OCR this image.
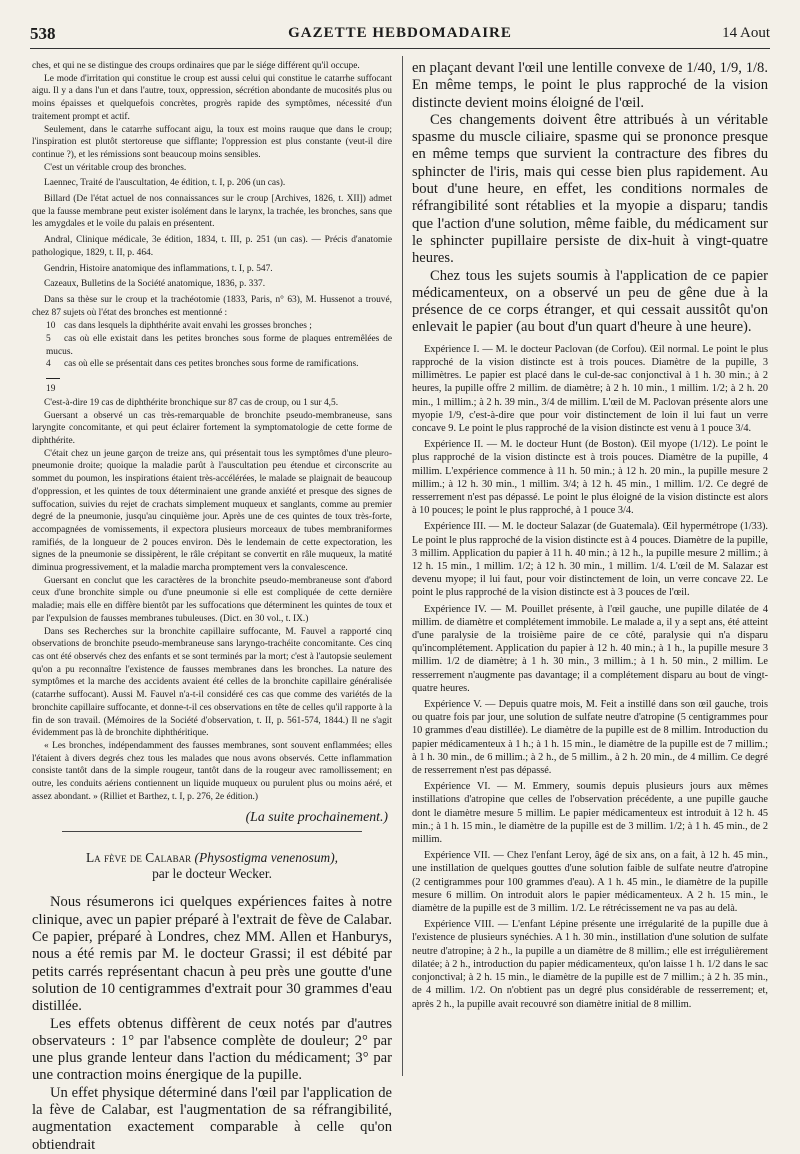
538	GAZETTE HEBDOMADAIRE	14 Aout

ches, et qui ne se distingue des croups ordinaires que par le siége différent qu'il occupe.

Le mode d'irritation qui constitue le croup est aussi celui qui constitue le catarrhe suffocant aigu. Il y a dans l'un et dans l'autre, toux, oppression, sécrétion abondante de mucosités plus ou moins épaisses et quelquefois concrètes, progrès rapide des symptômes, nécessité d'un traitement prompt et actif.

Seulement, dans le catarrhe suffocant aigu, la toux est moins rauque que dans le croup; l'inspiration est plutôt stertoreuse que sifflante; l'oppression est plus constante (veut-il dire continue ?), et les rémissions sont beaucoup moins sensibles.

C'est un véritable croup des bronches.

Laennec, Traité de l'auscultation, 4e édition, t. I, p. 206 (un cas).

Billard (De l'état actuel de nos connaissances sur le croup [Archives, 1826, t. XII]) admet que la fausse membrane peut exister isolément dans le larynx, la trachée, les bronches, sans que les amygdales et le voile du palais en présentent.

Andral, Clinique médicale, 3e édition, 1834, t. III, p. 251 (un cas). — Précis d'anatomie pathologique, 1829, t. II, p. 464.

Gendrin, Histoire anatomique des inflammations, t. I, p. 547.

Cazeaux, Bulletins de la Société anatomique, 1836, p. 337.

Dans sa thèse sur le croup et la trachéotomie (1833, Paris, n° 63), M. Hussenot a trouvé, chez 87 sujets où l'état des bronches est mentionné :

10 cas dans lesquels la diphthérite avait envahi les grosses bronches ;
5 cas où elle existait dans les petites bronches sous forme de plaques entremêlées de mucus.
4 cas où elle se présentait dans ces petites bronches sous forme de ramifications.
19

C'est-à-dire 19 cas de diphthérite bronchique sur 87 cas de croup, ou 1 sur 4,5.

Guersant a observé un cas très-remarquable de bronchite pseudo-membraneuse, sans laryngite concomitante, et qui peut éclairer fortement la symptomatologie de cette forme de diphthérite.

C'était chez un jeune garçon de treize ans, qui présentait tous les symptômes d'une pleuro-pneumonie droite; quoique la maladie parût à l'auscultation peu étendue et circonscrite au sommet du poumon, les inspirations étaient très-accélérées, le malade se plaignait de beaucoup d'oppression, et les quintes de toux déterminaient une grande anxiété et presque des signes de suffocation, suivies du rejet de crachats simplement muqueux et sanglants, comme au premier degré de la pneumonie, jusqu'au cinquième jour. Après une de ces quintes de toux très-forte, accompagnées de vomissements, il expectora plusieurs morceaux de tubes membraniformes ramifiés, de la longueur de 2 pouces environ. Dès le lendemain de cette expectoration, les signes de la pneumonie se dissipèrent, le râle crépitant se convertit en râle muqueux, la matité diminua progressivement, et la maladie marcha promptement vers la convalescence.

Guersant en conclut que les caractères de la bronchite pseudo-membraneuse sont d'abord ceux d'une bronchite simple ou d'une pneumonie si elle est compliquée de cette dernière maladie; mais elle en diffère bientôt par les suffocations que déterminent les quintes de toux et par l'expulsion de fausses membranes tubuleuses. (Dict. en 30 vol., t. IX.)

Dans ses Recherches sur la bronchite capillaire suffocante, M. Fauvel a rapporté cinq observations de bronchite pseudo-membraneuse sans laryngo-trachéite concomitante. Ces cinq cas ont été observés chez des enfants et se sont terminés par la mort; c'est à l'autopsie seulement qu'on a pu reconnaître l'existence de fausses membranes dans les bronches. La nature des symptômes et la marche des accidents avaient été celles de la bronchite capillaire généralisée (catarrhe suffocant). Aussi M. Fauvel n'a-t-il considéré ces cas que comme des variétés de la bronchite capillaire suffocante, et donne-t-il ces observations en tête de celles qu'il rapporte à la fin de son travail. (Mémoires de la Société d'observation, t. II, p. 561-574, 1844.) Il ne s'agit évidemment pas là de bronchite diphthéritique.

« Les bronches, indépendamment des fausses membranes, sont souvent enflammées; elles l'étaient à divers degrés chez tous les malades que nous avons observés. Cette inflammation consiste tantôt dans de la simple rougeur, tantôt dans de la rougeur avec ramollissement; en outre, les conduits aériens contiennent un liquide muqueux ou purulent plus ou moins aéré, et assez abondant. » (Rilliet et Barthez, t. I, p. 276, 2e édition.)

(La suite prochainement.)
La fève de Calabar (Physostigma venenosum),
par le docteur Wecker.

Nous résumerons ici quelques expériences faites à notre clinique, avec un papier préparé à l'extrait de fève de Calabar. Ce papier, préparé à Londres, chez MM. Allen et Hanburys, nous a été remis par M. le docteur Grassi; il est débité par petits carrés représentant chacun à peu près une goutte d'une solution de 10 centigrammes d'extrait pour 30 grammes d'eau distillée.

Les effets obtenus diffèrent de ceux notés par d'autres observateurs : 1° par l'absence complète de douleur; 2° par une plus grande lenteur dans l'action du médicament; 3° par une contraction moins énergique de la pupille.

Un effet physique déterminé dans l'œil par l'application de la fève de Calabar, est l'augmentation de sa réfrangibilité, augmentation exactement comparable à celle qu'on obtiendrait

en plaçant devant l'œil une lentille convexe de 1/40, 1/9, 1/8. En même temps, le point le plus rapproché de la vision distincte devient moins éloigné de l'œil.

Ces changements doivent être attribués à un véritable spasme du muscle ciliaire, spasme qui se prononce presque en même temps que survient la contracture des fibres du sphincter de l'iris, mais qui cesse bien plus rapidement. Au bout d'une heure, en effet, les conditions normales de réfrangibilité sont rétablies et la myopie a disparu; tandis que l'action d'une solution, même faible, du médicament sur le sphincter pupillaire persiste de dix-huit à vingt-quatre heures.

Chez tous les sujets soumis à l'application de ce papier médicamenteux, on a observé un peu de gêne due à la présence de ce corps étranger, et qui cessait aussitôt qu'on enlevait le papier (au bout d'un quart d'heure à une heure).

Expérience I. — M. le docteur Paclovan (de Corfou). Œil normal. Le point le plus rapproché de la vision distincte est à trois pouces. Diamètre de la pupille, 3 millimètres. Le papier est placé dans le cul-de-sac conjonctival à 1 h. 30 min.; à 2 heures, la pupille offre 2 millim. de diamètre; à 2 h. 10 min., 1 millim. 1/2; à 2 h. 20 min., 1 millim.; à 2 h. 39 min., 3/4 de millim. L'œil de M. Paclovan présente alors une myopie 1/9, c'est-à-dire que pour voir distinctement de loin il lui faut un verre concave 9. Le point le plus rapproché de la vision distincte est venu à 1 pouce 3/4.

Expérience II. — M. le docteur Hunt (de Boston). Œil myope (1/12). Le point le plus rapproché de la vision distincte est à trois pouces. Diamètre de la pupille, 4 millim. L'expérience commence à 11 h. 50 min.; à 12 h. 20 min., la pupille mesure 2 millim.; à 12 h. 30 min., 1 millim. 3/4; à 12 h. 45 min., 1 millim. 1/2. Ce degré de resserrement n'est pas dépassé. Le point le plus éloigné de la vision distincte est alors à 10 pouces; le point le plus rapproché, à 1 pouce 3/4.

Expérience III. — M. le docteur Salazar (de Guatemala). Œil hypermétrope (1/33). Le point le plus rapproché de la vision distincte est à 4 pouces. Diamètre de la pupille, 3 millim. Application du papier à 11 h. 40 min.; à 12 h., la pupille mesure 2 millim.; à 12 h. 15 min., 1 millim. 1/2; à 12 h. 30 min., 1 millim. 1/4. L'œil de M. Salazar est devenu myope; il lui faut, pour voir distinctement de loin, un verre concave 22. Le point le plus rapproché de la vision distincte est à 3 pouces de l'œil.

Expérience IV. — M. Pouillet présente, à l'œil gauche, une pupille dilatée de 4 millim. de diamètre et complétement immobile. Le malade a, il y a sept ans, été atteint d'une paralysie de la troisième paire de ce côté, paralysie qui n'a disparu qu'incomplétement. Application du papier à 12 h. 40 min.; à 1 h., la pupille mesure 3 millim. 1/2 de diamètre; à 1 h. 30 min., 3 millim.; à 1 h. 50 min., 2 millim. Le resserrement n'augmente pas davantage; il a complétement disparu au bout de vingt-quatre heures.

Expérience V. — Depuis quatre mois, M. Feit a instillé dans son œil gauche, trois ou quatre fois par jour, une solution de sulfate neutre d'atropine (5 centigrammes pour 10 grammes d'eau distillée). Le diamètre de la pupille est de 8 millim. Introduction du papier médicamenteux à 1 h.; à 1 h. 15 min., le diamètre de la pupille est de 7 millim.; à 1 h. 30 min., de 6 millim.; à 2 h., de 5 millim., à 2 h. 20 min., de 4 millim. Ce degré de resserrement n'est pas dépassé.

Expérience VI. — M. Emmery, soumis depuis plusieurs jours aux mêmes instillations d'atropine que celles de l'observation précédente, a une pupille gauche dont le diamètre mesure 5 millim. Le papier médicamenteux est introduit à 12 h. 45 min.; à 1 h. 15 min., le diamètre de la pupille est de 3 millim. 1/2; à 1 h. 45 min., de 2 millim.

Expérience VII. — Chez l'enfant Leroy, âgé de six ans, on a fait, à 12 h. 45 min., une instillation de quelques gouttes d'une solution faible de sulfate neutre d'atropine (2 centigrammes pour 100 grammes d'eau). A 1 h. 45 min., le diamètre de la pupille mesure 6 millim. On introduit alors le papier médicamenteux. A 2 h. 15 min., le diamètre de la pupille est de 3 millim. 1/2. Le rétrécissement ne va pas au delà.

Expérience VIII. — L'enfant Lépine présente une irrégularité de la pupille due à l'existence de plusieurs synéchies. A 1 h. 30 min., instillation d'une solution de sulfate neutre d'atropine; à 2 h., la pupille a un diamètre de 8 millim.; elle est irrégulièrement dilatée; à 2 h., introduction du papier médicamenteux, qu'on laisse 1 h. 1/2 dans le sac conjonctival; à 2 h. 15 min., le diamètre de la pupille est de 7 millim.; à 2 h. 35 min., de 4 millim. 1/2. On n'obtient pas un degré plus considérable de resserrement; et, après 2 h., la pupille avait recouvré son diamètre initial de 8 millim.
